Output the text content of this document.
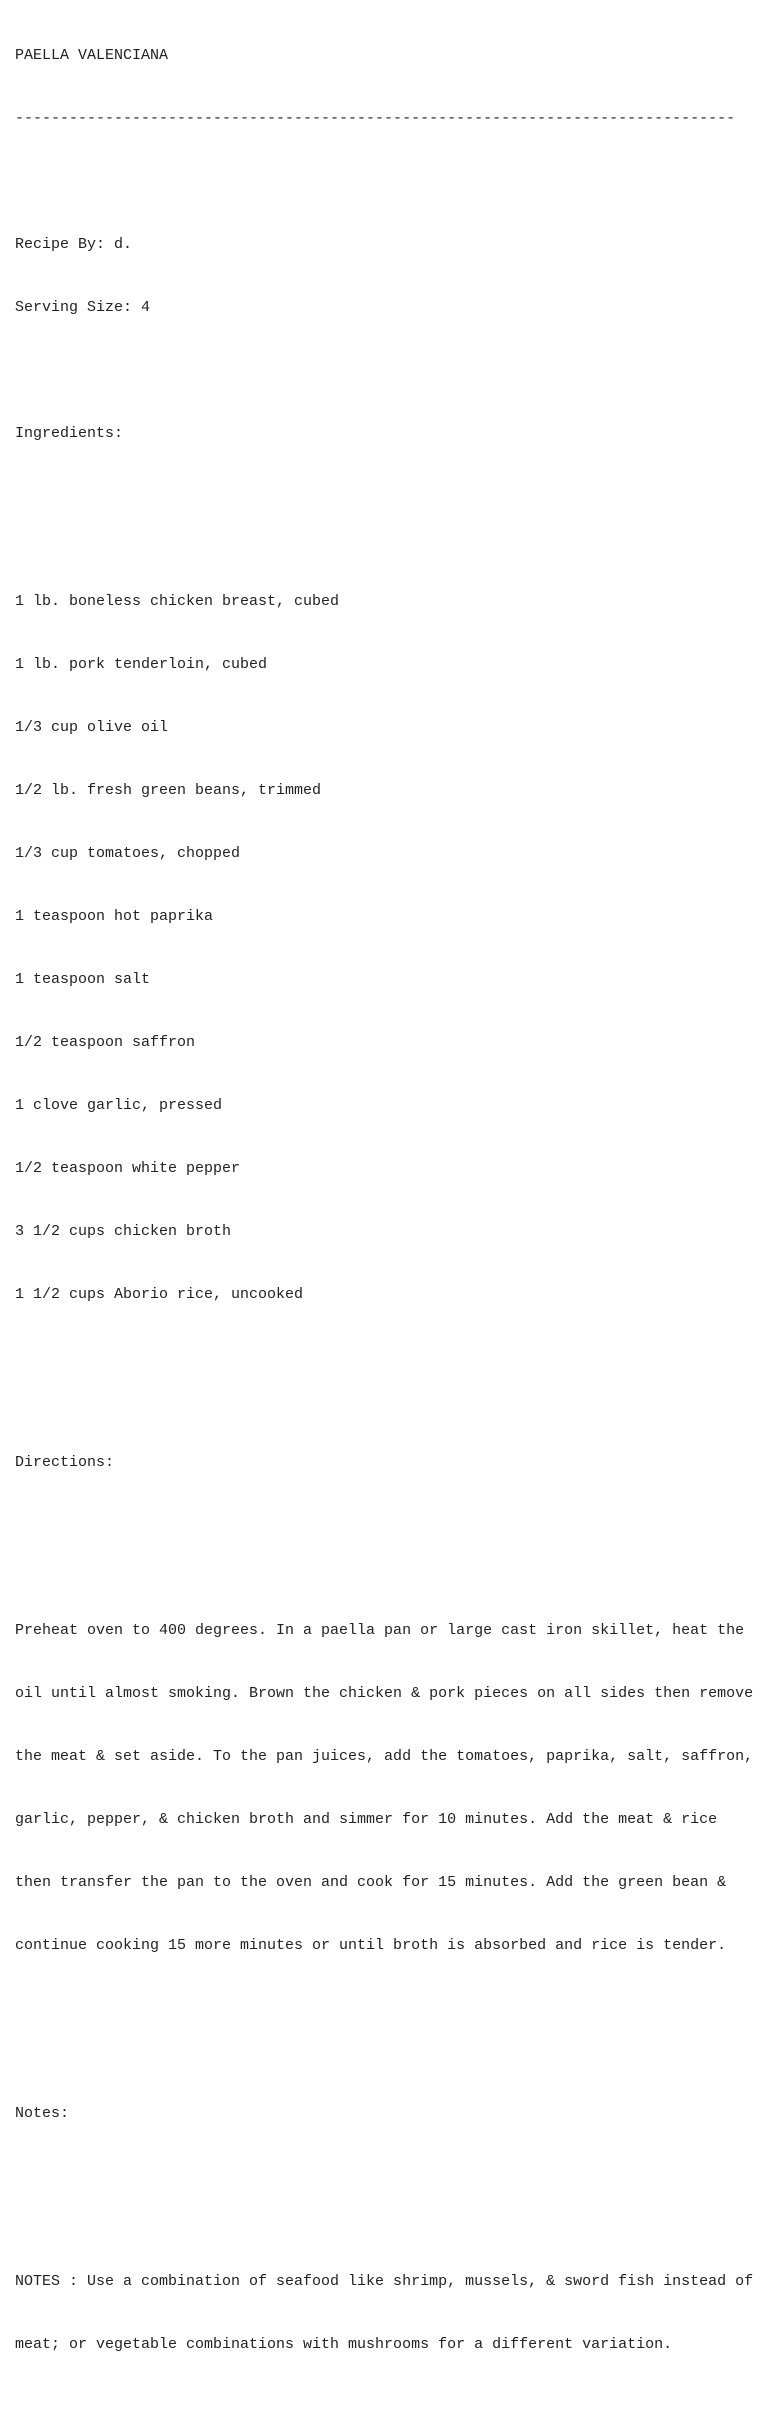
PAELLA VALENCIANA

--------------------------------------------------------------------------------

Recipe By: d.

Serving Size: 4

Ingredients:

1 lb. boneless chicken breast, cubed

1 lb. pork tenderloin, cubed

1/3 cup olive oil

1/2 lb. fresh green beans, trimmed

1/3 cup tomatoes, chopped

1 teaspoon hot paprika

1 teaspoon salt

1/2 teaspoon saffron

1 clove garlic, pressed

1/2 teaspoon white pepper

3 1/2 cups chicken broth

1 1/2 cups Aborio rice, uncooked

Directions:

Preheat oven to 400 degrees. In a paella pan or large cast iron skillet, heat the

oil until almost smoking. Brown the chicken & pork pieces on all sides then remove

the meat & set aside. To the pan juices, add the tomatoes, paprika, salt, saffron,

garlic, pepper, & chicken broth and simmer for 10 minutes. Add the meat & rice

then transfer the pan to the oven and cook for 15 minutes. Add the green bean &

continue cooking 15 more minutes or until broth is absorbed and rice is tender.

Notes:

NOTES : Use a combination of seafood like shrimp, mussels, & sword fish instead of

meat; or vegetable combinations with mushrooms for a different variation.
